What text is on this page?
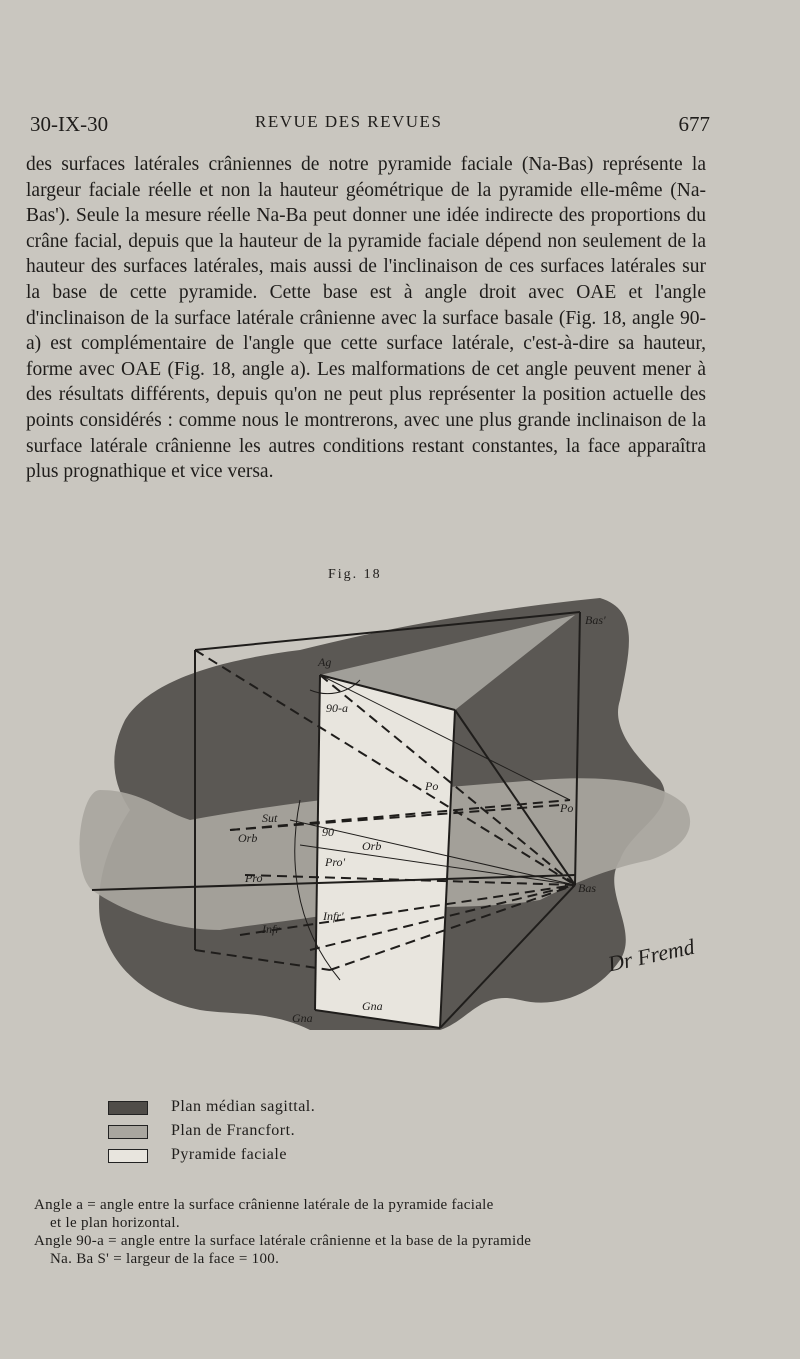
30-IX-30	REVUE DES REVUES	677

des surfaces latérales crâniennes de notre pyramide faciale (Na-Bas) représente la largeur faciale réelle et non la hauteur géométrique de la pyramide elle-même (Na-Bas'). Seule la mesure réelle Na-Ba peut donner une idée indirecte des proportions du crâne facial, depuis que la hauteur de la pyramide faciale dépend non seulement de la hauteur des surfaces latérales, mais aussi de l'inclinaison de ces surfaces latérales sur la base de cette pyramide. Cette base est à angle droit avec OAE et l'angle d'inclinaison de la surface latérale crânienne avec la surface basale (Fig. 18, angle 90-a) est complémentaire de l'angle que cette surface latérale, c'est-à-dire sa hauteur, forme avec OAE (Fig. 18, angle a). Les malformations de cet angle peuvent mener à des résultats différents, depuis qu'on ne peut plus représenter la position actuelle des points considérés : comme nous le montrerons, avec une plus grande inclinaison de la surface latérale crânienne les autres conditions restant constantes, la face apparaîtra plus prognathique et vice versa.

Fig. 18
Bas'
Ag
90-a
Po
Po
Sut
Orb
Orb
90
Pro'
Pro
Infr'
Infr
Bas
Gna
Gna
Dr Fremd
Plan médian sagittal.
Plan de Francfort.
Pyramide faciale
Angle a = angle entre la surface crânienne latérale de la pyramide faciale
et le plan horizontal.
Angle 90-a = angle entre la surface latérale crânienne et la base de la pyramide
Na. Ba S' = largeur de la face = 100.
